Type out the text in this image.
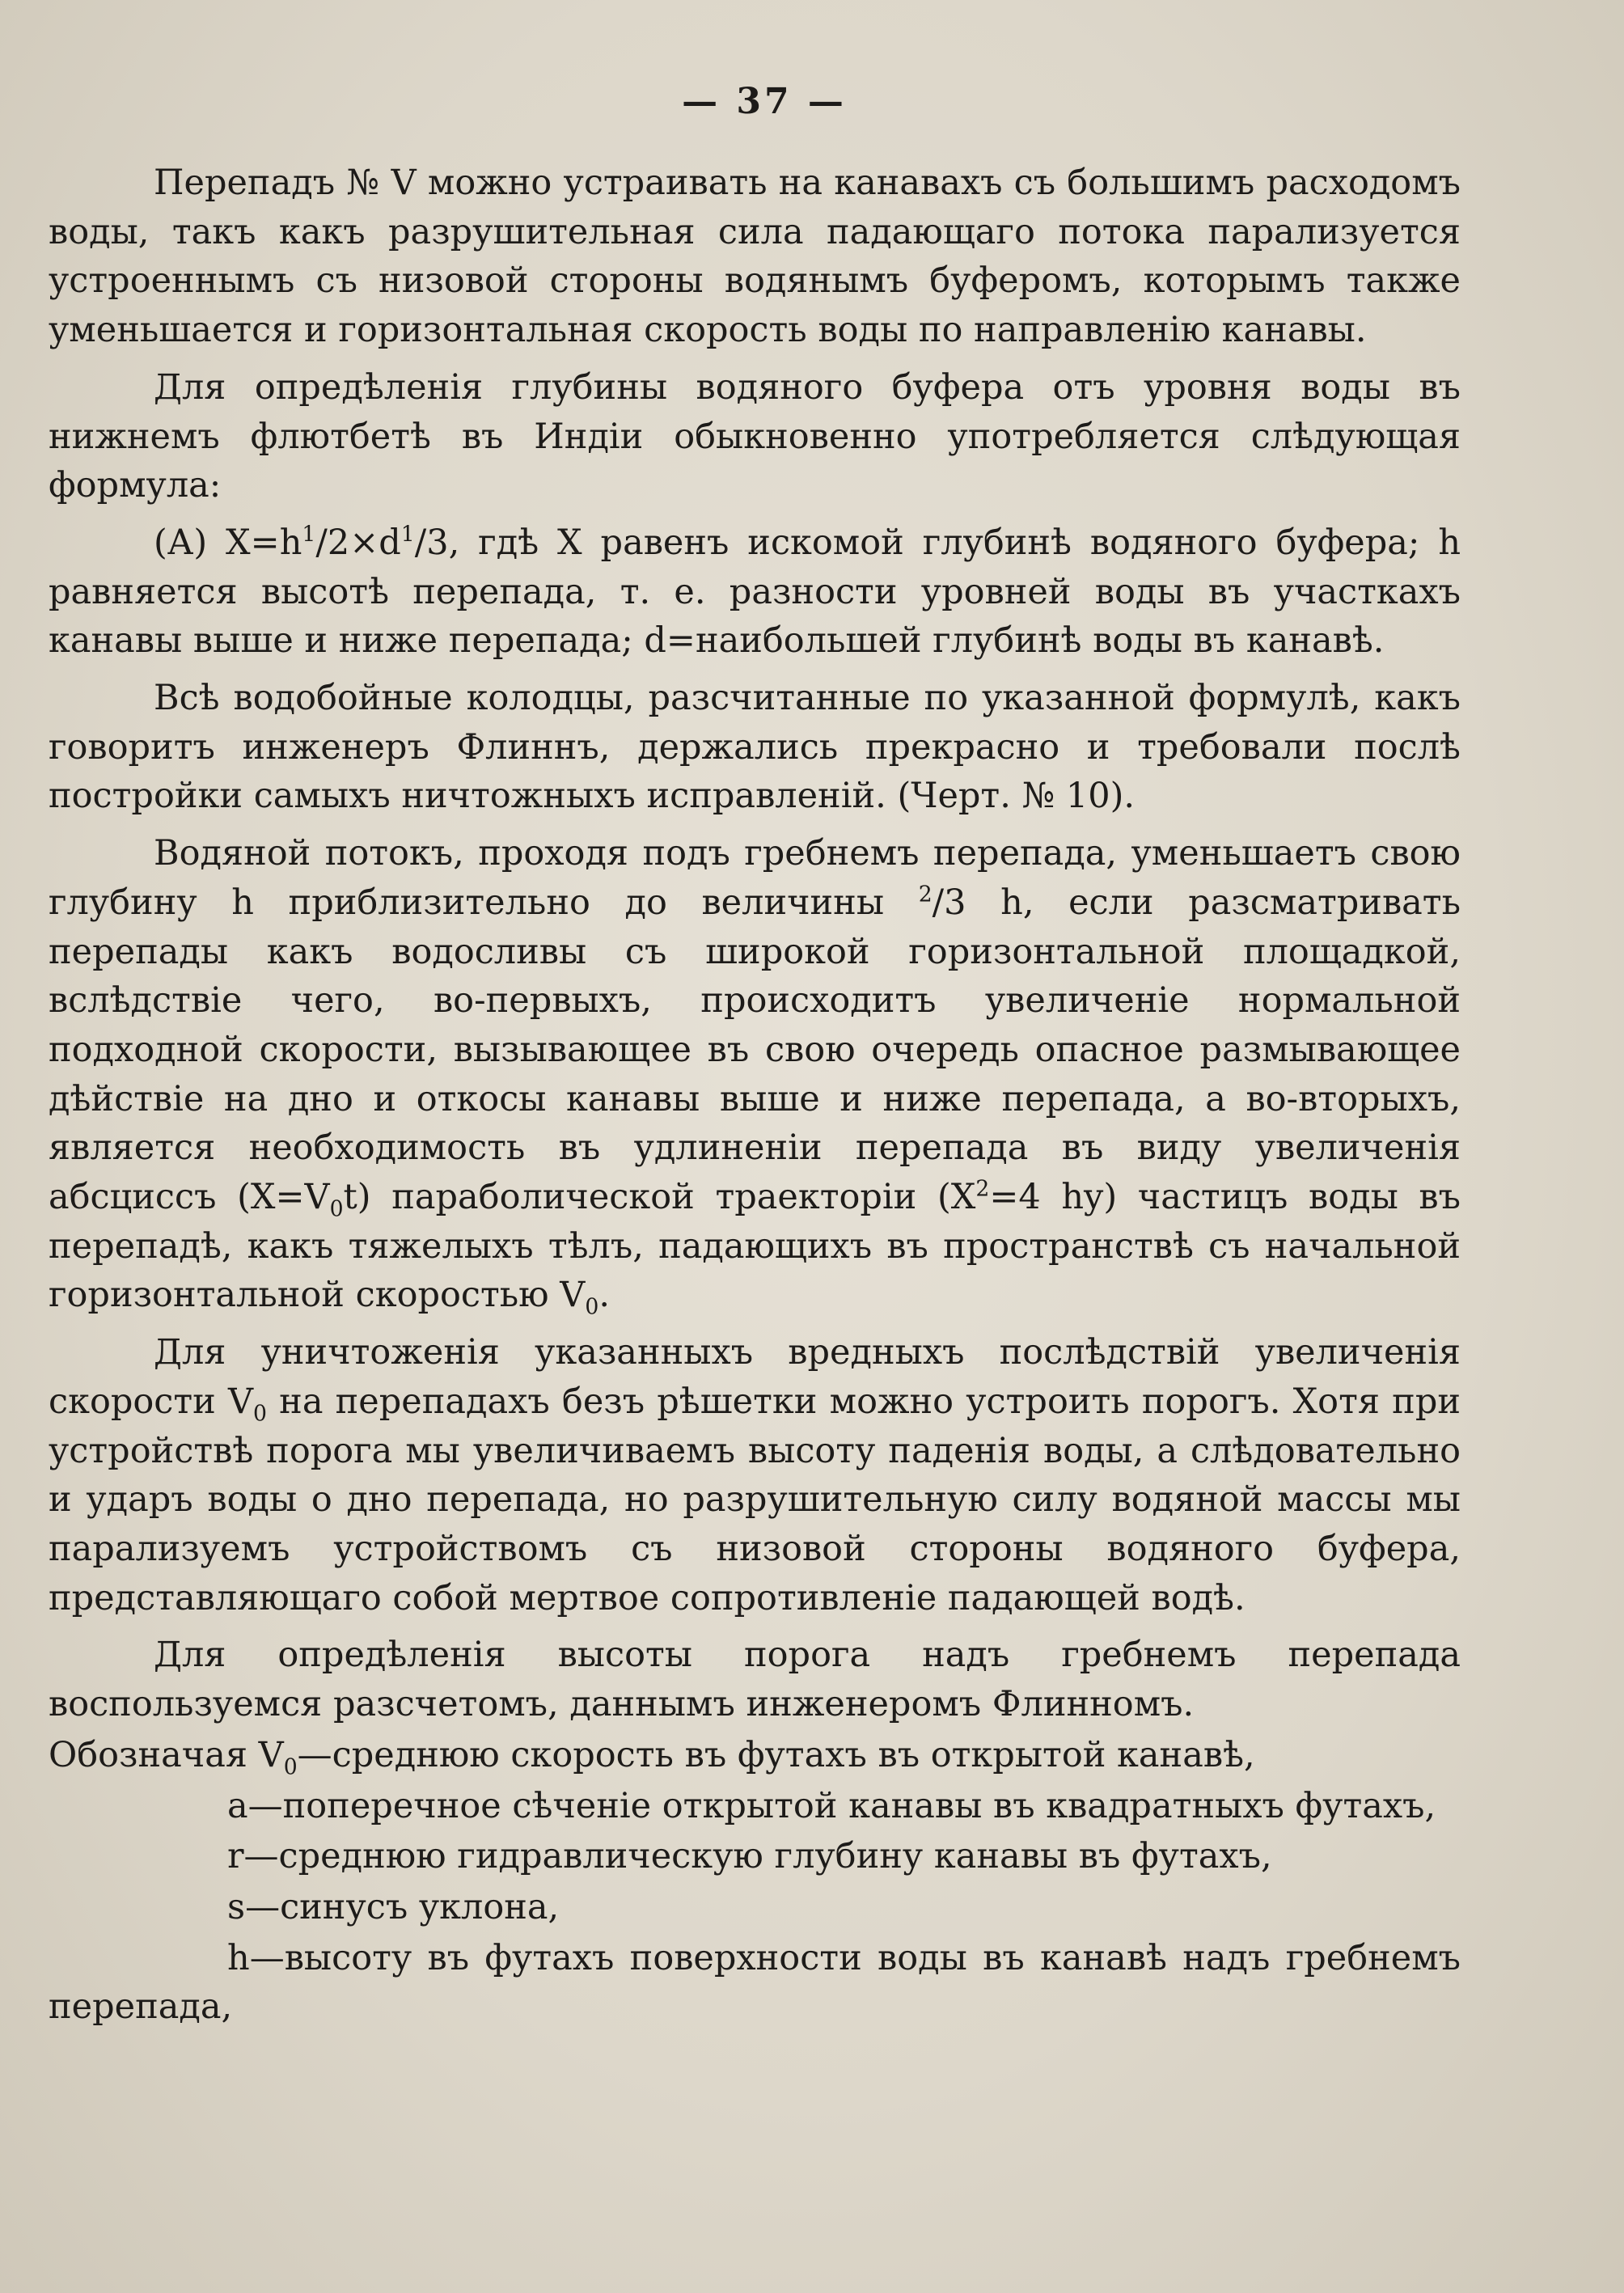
— 37 —

Перепадъ № V можно устраивать на канавахъ съ большимъ расходомъ воды, такъ какъ разрушительная сила падающаго потока парализуется устроеннымъ съ низовой стороны водянымъ буферомъ, которымъ также уменьшается и горизонтальная скорость воды по направленію канавы.

Для опредѣленія глубины водяного буфера отъ уровня воды въ нижнемъ флютбетѣ въ Индіи обыкновенно употребляется слѣдующая формула:

(А) $X=h^1/2\times d^1/3$, гдѣ X равенъ искомой глубинѣ водяного буфера; h равняется высотѣ перепада, т. е. разности уровней воды въ участкахъ канавы выше и ниже перепада; d=наибольшей глубинѣ воды въ канавѣ.

Всѣ водобойные колодцы, разсчитанные по указанной формулѣ, какъ говоритъ инженеръ Флиннъ, держались прекрасно и требовали послѣ постройки самыхъ ничтожныхъ исправленій. (Черт. № 10).

Водяной потокъ, проходя подъ гребнемъ перепада, уменьшаетъ свою глубину h приблизительно до величины $^2$/3 h, если разсматривать перепады какъ водосливы съ широкой горизонтальной площадкой, вслѣдствіе чего, во-первыхъ, происходитъ увеличеніе нормальной подходной скорости, вызывающее въ свою очередь опасное размывающее дѣйствіе на дно и откосы канавы выше и ниже перепада, а во-вторыхъ, является необходимость въ удлиненіи перепада въ виду увеличенія абсциссъ $(X=V_0t)$ параболической траекторіи ($X^2=4$ hy) частицъ воды въ перепадѣ, какъ тяжелыхъ тѣлъ, падающихъ въ пространствѣ съ начальной горизонтальной скоростью $V_0$.

Для уничтоженія указанныхъ вредныхъ послѣдствій увеличенія скорости $V_0$ на перепадахъ безъ рѣшетки можно устроить порогъ. Хотя при устройствѣ порога мы увеличиваемъ высоту паденія воды, а слѣдовательно и ударъ воды о дно перепада, но разрушительную силу водяной массы мы парализуемъ устройствомъ съ низовой стороны водяного буфера, представляющаго собой мертвое сопротивленіе падающей водѣ.

Для опредѣленія высоты порога надъ гребнемъ перепада воспользуемся разсчетомъ, даннымъ инженеромъ Флинномъ.

Обозначая $V_0—среднюю$ скорость въ футахъ въ открытой канавѣ,

а—поперечное сѣченіе открытой канавы въ квадратныхъ футахъ,

r—среднюю гидравлическую глубину канавы въ футахъ,

s—синусъ уклона,

h—высоту въ футахъ поверхности воды въ канавѣ надъ гребнемъ перепада,
